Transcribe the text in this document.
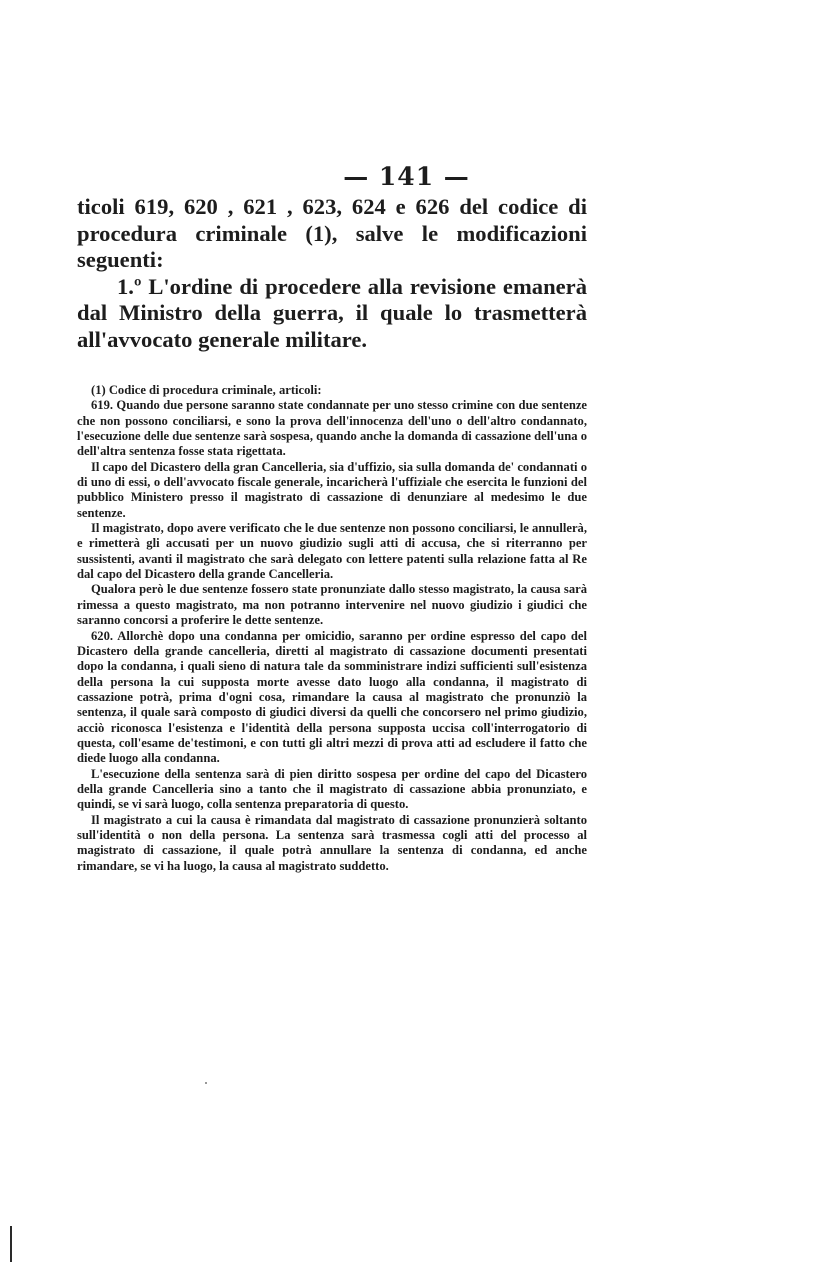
— 141 —

ticoli 619, 620 , 621 , 623, 624 e 626 del codice di procedura criminale (1), salve le modificazioni seguenti:

1.º L'ordine di procedere alla revisione emanerà dal Ministro della guerra, il quale lo trasmetterà all'avvocato generale militare.

(1) Codice di procedura criminale, articoli:

619. Quando due persone saranno state condannate per uno stesso crimine con due sentenze che non possono conciliarsi, e sono la prova dell'innocenza dell'uno o dell'altro condannato, l'esecuzione delle due sentenze sarà sospesa, quando anche la domanda di cassazione dell'una o dell'altra sentenza fosse stata rigettata.

Il capo del Dicastero della gran Cancelleria, sia d'uffizio, sia sulla domanda de' condannati o di uno di essi, o dell'avvocato fiscale generale, incaricherà l'uffiziale che esercita le funzioni del pubblico Ministero presso il magistrato di cassazione di denunziare al medesimo le due sentenze.

Il magistrato, dopo avere verificato che le due sentenze non possono conciliarsi, le annullerà, e rimetterà gli accusati per un nuovo giudizio sugli atti di accusa, che si riterranno per sussistenti, avanti il magistrato che sarà delegato con lettere patenti sulla relazione fatta al Re dal capo del Dicastero della grande Cancelleria.

Qualora però le due sentenze fossero state pronunziate dallo stesso magistrato, la causa sarà rimessa a questo magistrato, ma non potranno intervenire nel nuovo giudizio i giudici che saranno concorsi a proferire le dette sentenze.

620. Allorchè dopo una condanna per omicidio, saranno per ordine espresso del capo del Dicastero della grande cancelleria, diretti al magistrato di cassazione documenti presentati dopo la condanna, i quali sieno di natura tale da somministrare indizi sufficienti sull'esistenza della persona la cui supposta morte avesse dato luogo alla condanna, il magistrato di cassazione potrà, prima d'ogni cosa, rimandare la causa al magistrato che pronunziò la sentenza, il quale sarà composto di giudici diversi da quelli che concorsero nel primo giudizio, acciò riconosca l'esistenza e l'identità della persona supposta uccisa coll'interrogatorio di questa, coll'esame de'testimoni, e con tutti gli altri mezzi di prova atti ad escludere il fatto che diede luogo alla condanna.

L'esecuzione della sentenza sarà di pien diritto sospesa per ordine del capo del Dicastero della grande Cancelleria sino a tanto che il magistrato di cassazione abbia pronunziato, e quindi, se vi sarà luogo, colla sentenza preparatoria di questo.

Il magistrato a cui la causa è rimandata dal magistrato di cassazione pronunzierà soltanto sull'identità o non della persona. La sentenza sarà trasmessa cogli atti del processo al magistrato di cassazione, il quale potrà annullare la sentenza di condanna, ed anche rimandare, se vi ha luogo, la causa al magistrato suddetto.
